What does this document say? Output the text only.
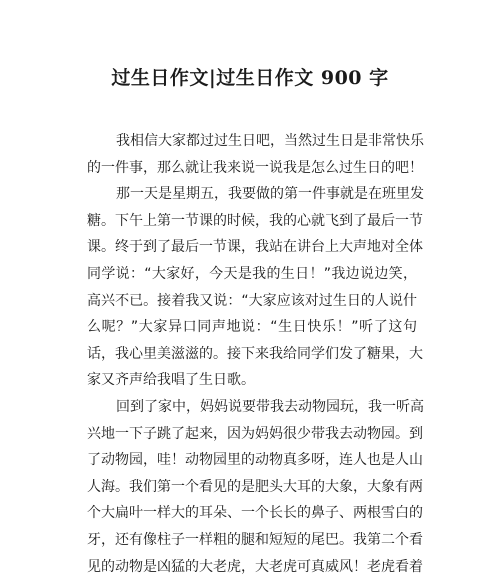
过生日作文|过生日作文 900 字
我相信大家都过过生日吧，当然过生日是非常快乐
的一件事，那么就让我来说一说我是怎么过生日的吧！
那一天是星期五，我要做的第一件事就是在班里发
糖。下午上第一节课的时候，我的心就飞到了最后一节
课。终于到了最后一节课，我站在讲台上大声地对全体
同学说：“大家好，今天是我的生日！”我边说边笑，
高兴不已。接着我又说：“大家应该对过生日的人说什
么呢？”大家异口同声地说：“生日快乐！”听了这句
话，我心里美滋滋的。接下来我给同学们发了糖果，大
家又齐声给我唱了生日歌。
回到了家中，妈妈说要带我去动物园玩，我一听高
兴地一下子跳了起来，因为妈妈很少带我去动物园。到
了动物园，哇！动物园里的动物真多呀，连人也是人山
人海。我们第一个看见的是肥头大耳的大象，大象有两
个大扁叶一样大的耳朵、一个长长的鼻子、两根雪白的
牙，还有像柱子一样粗的腿和短短的尾巴。我第二个看
见的动物是凶猛的大老虎，大老虎可真威风！老虎看着
